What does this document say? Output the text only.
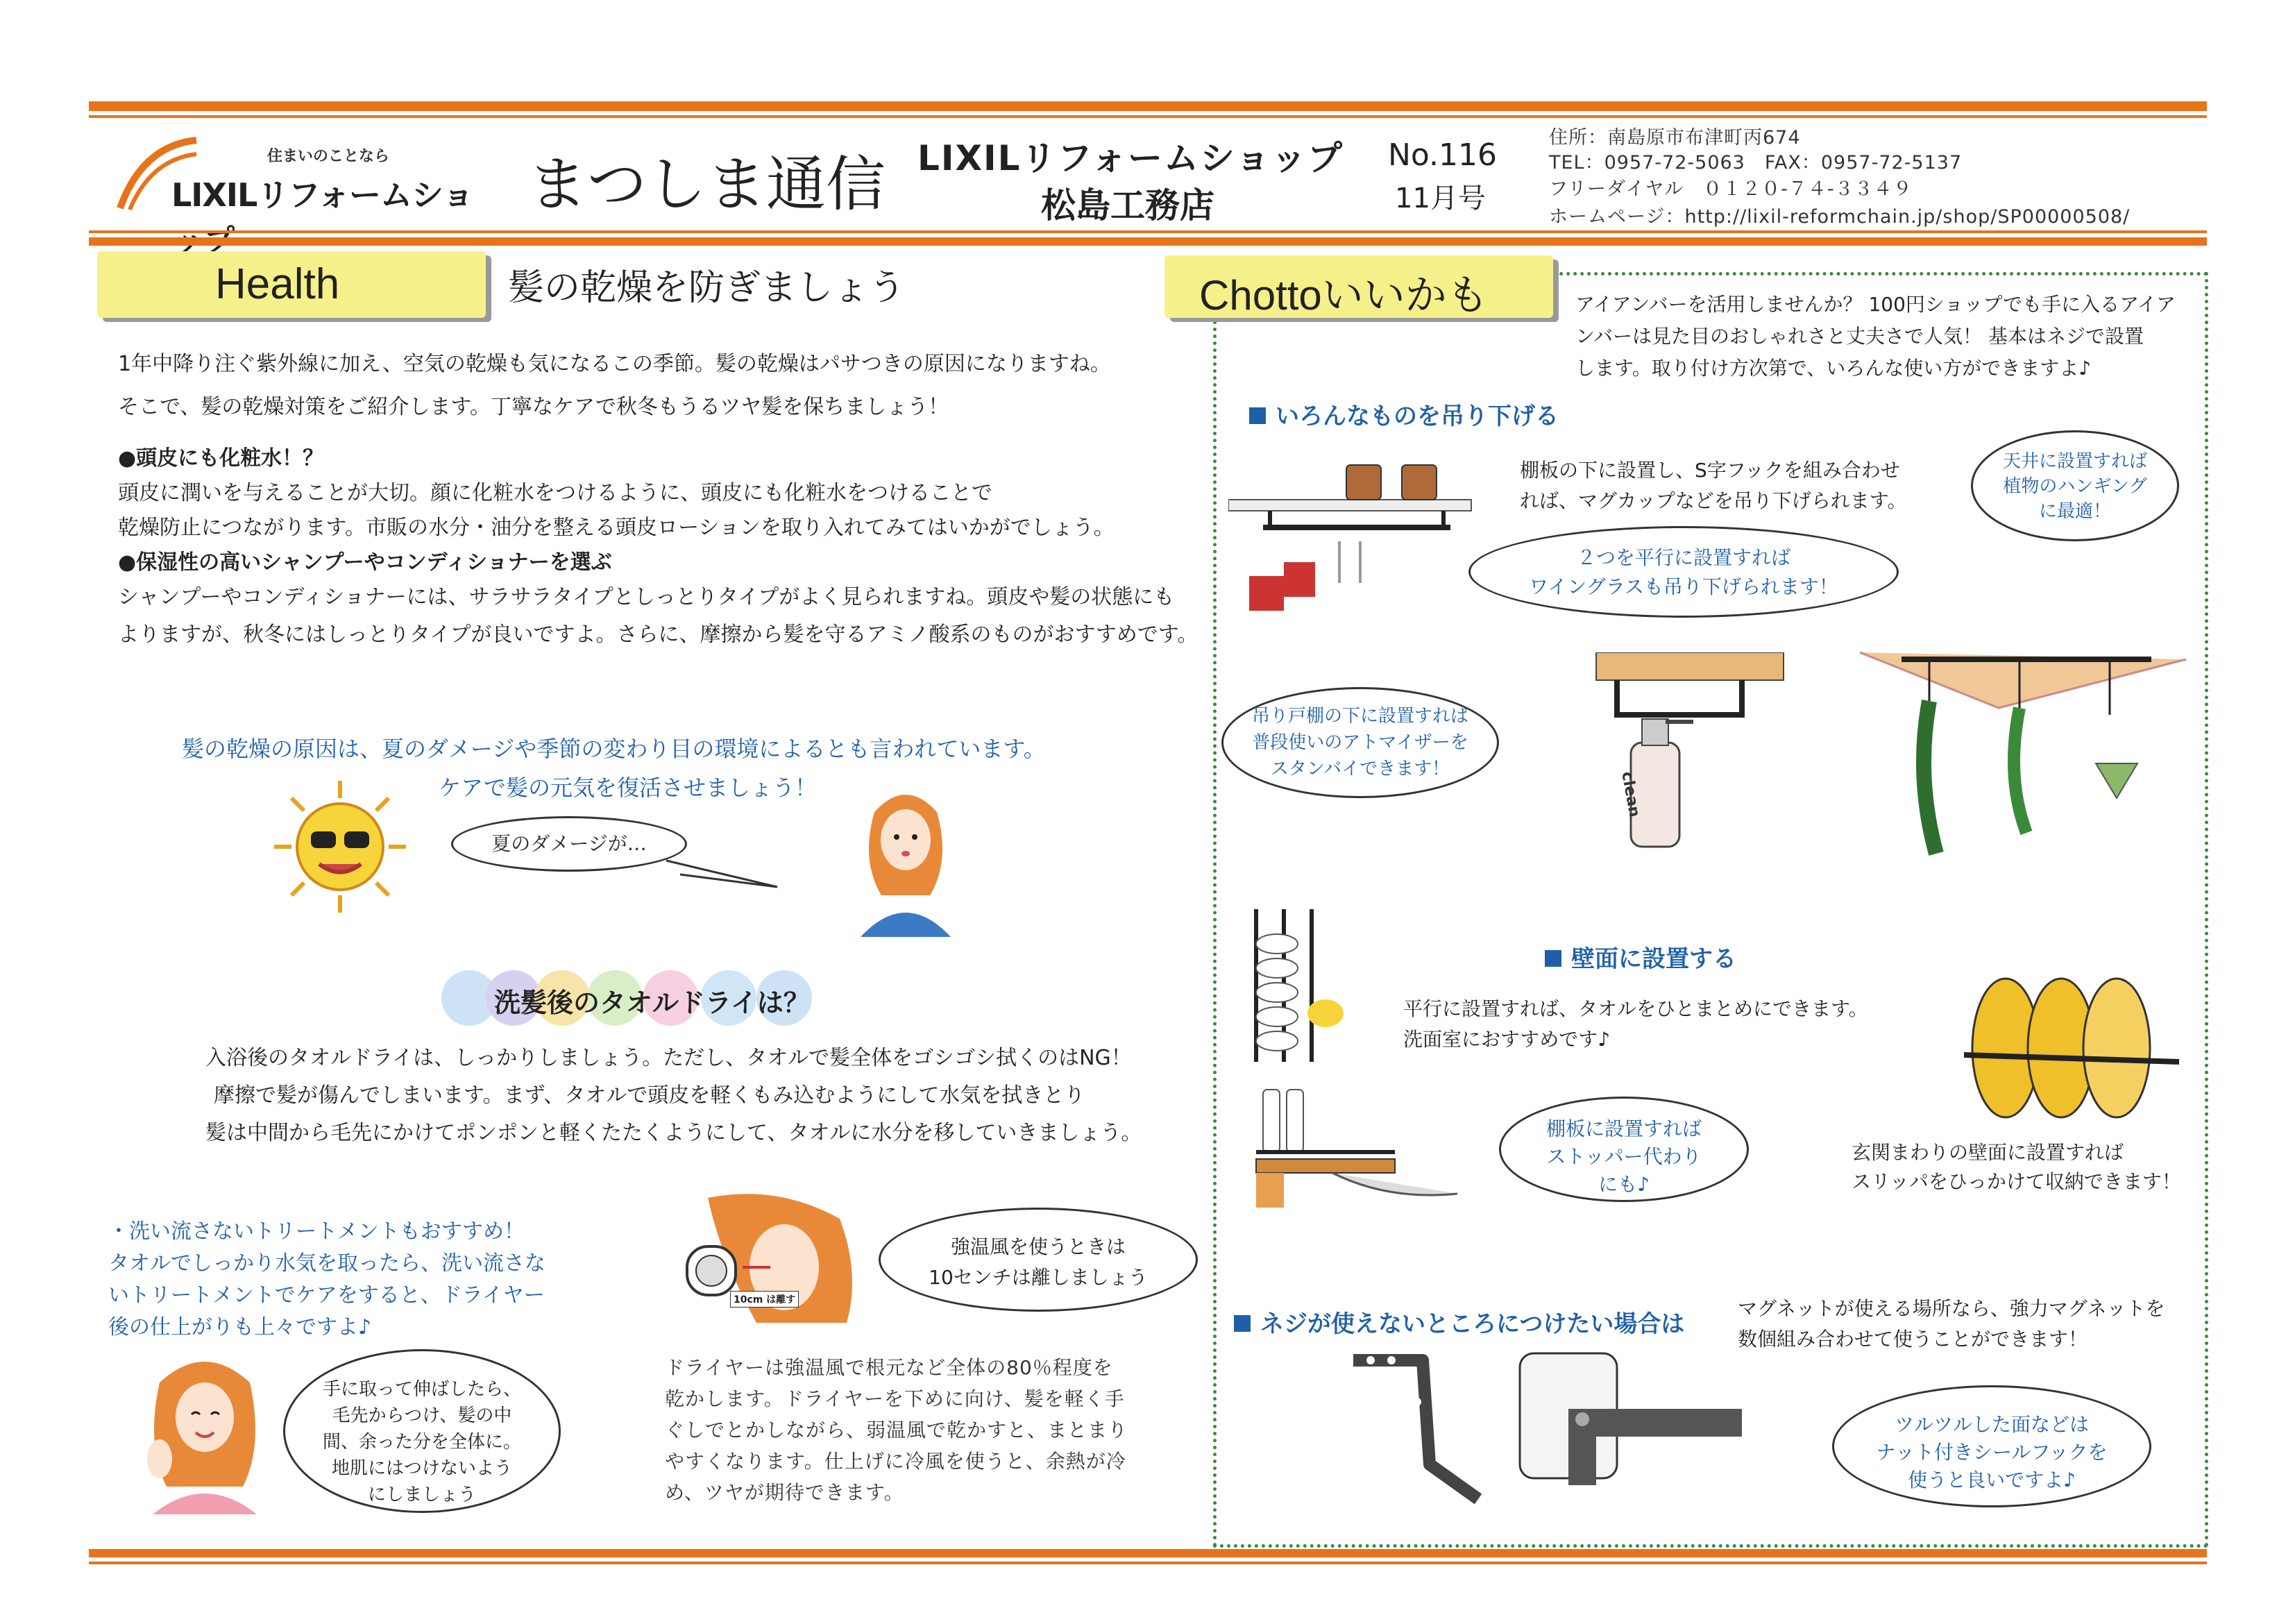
住まいのことなら
LIXILリフォームショ まつしま通信 LIXILリフォームショップ
松島工務店
No.116
11月号
住所：南島原市布津町丙674
TEL：0957-72-5063　FAX：0957-72-5137
フリーダイヤル　０１２０-７４-３３４９
ホームページ：http://lixil-reformchain.jp/shop/SP00000508/
Health	髪の乾燥を防ぎましょう
1年中降り注ぐ紫外線に加え、空気の乾燥も気になるこの季節。髪の乾燥はパサつきの原因になりますね。
そこで、髪の乾燥対策をご紹介します。丁寧なケアで秋冬もうるツヤ髪を保ちましょう！
●頭皮にも化粧水！？
頭皮に潤いを与えることが大切。顔に化粧水をつけるように、頭皮にも化粧水をつけることで
乾燥防止につながります。市販の水分・油分を整える頭皮ローションを取り入れてみてはいかがでしょう。
●保湿性の高いシャンプーやコンディショナーを選ぶ
シャンプーやコンディショナーには、サラサラタイプとしっとりタイプがよく見られますね。頭皮や髪の状態にも
よりますが、秋冬にはしっとりタイプが良いですよ。さらに、摩擦から髪を守るアミノ酸系のものがおすすめです。
髪の乾燥の原因は、夏のダメージや季節の変わり目の環境によるとも言われています。
ケアで髪の元気を復活させましょう！
夏のダメージが…
洗髪後のタオルドライは？
入浴後のタオルドライは、しっかりしましょう。ただし、タオルで髪全体をゴシゴシ拭くのはNG！
摩擦で髪が傷んでしまいます。まず、タオルで頭皮を軽くもみ込むようにして水気を拭きとり
髪は中間から毛先にかけてポンポンと軽くたたくようにして、タオルに水分を移していきましょう。
・洗い流さないトリートメントもおすすめ！
タオルでしっかり水気を取ったら、洗い流さな
いトリートメントでケアをすると、ドライヤー
後の仕上がりも上々ですよ♪
手に取って伸ばしたら、
毛先からつけ、髪の中
間、余った分を全体に。
地肌にはつけないよう
にしましょう
10cm は離す
強温風を使うときは
10センチは離しましょう
ドライヤーは強温風で根元など全体の80％程度を
乾かします。ドライヤーを下めに向け、髪を軽く手
ぐしでとかしながら、弱温風で乾かすと、まとまり
やすくなります。仕上げに冷風を使うと、余熱が冷
め、ツヤが期待できます。
Chottoいいかも	アイアンバーを活用しませんか？ 100円ショップでも手に入るアイア
ンバーは見た目のおしゃれさと丈夫さで人気！ 基本はネジで設置
します。取り付け方次第で、いろんな使い方ができますよ♪
いろんなものを吊り下げる
棚板の下に設置し、S字フックを組み合わせ
れば、マグカップなどを吊り下げられます。
２つを平行に設置すれば
ワイングラスも吊り下げられます！
天井に設置すれば
植物のハンギング
に最適！
吊り戸棚の下に設置すれば
普段使いのアトマイザーを
スタンバイできます！
clean
壁面に設置する
平行に設置すれば、タオルをひとまとめにできます。
洗面室におすすめです♪
棚板に設置すれば
ストッパー代わり
にも♪
玄関まわりの壁面に設置すれば
スリッパをひっかけて収納できます！
ネジが使えないところにつけたい場合は
マグネットが使える場所なら、強力マグネットを
数個組み合わせて使うことができます！
ツルツルした面などは
ナット付きシールフックを
使うと良いですよ♪
